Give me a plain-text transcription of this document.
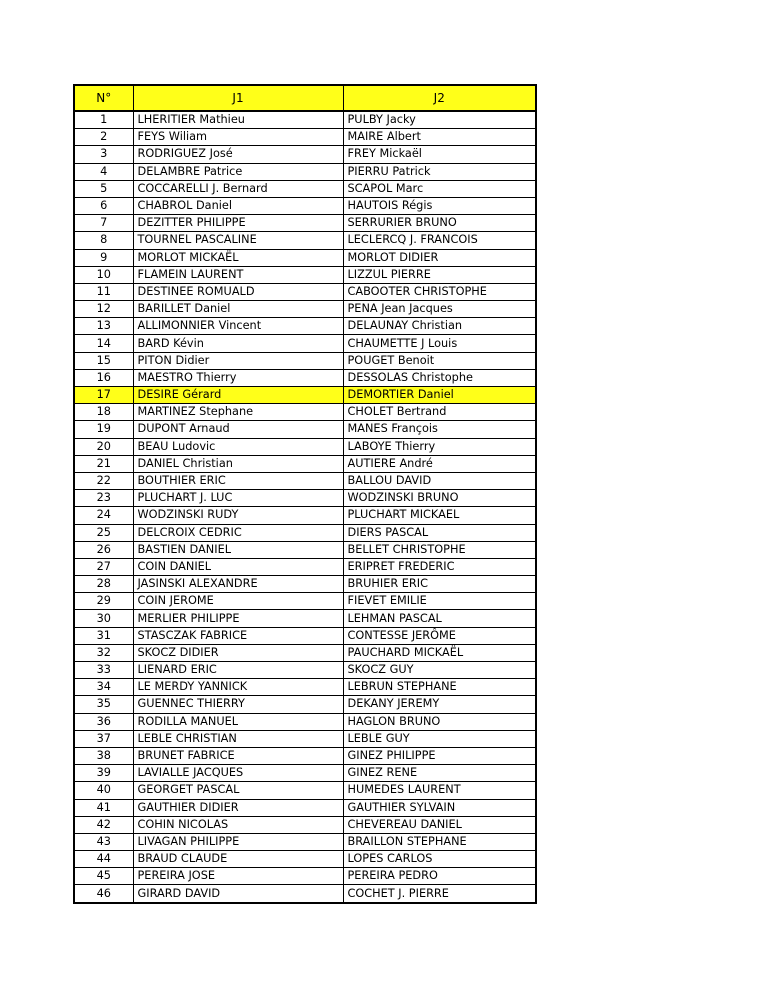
N°	J1	J2
1	LHERITIER Mathieu	PULBY Jacky
2	FEYS Wiliam	MAIRE Albert
3	RODRIGUEZ José	FREY Mickaël
4	DELAMBRE Patrice	PIERRU Patrick
5	COCCARELLI J. Bernard	SCAPOL Marc
6	CHABROL Daniel	HAUTOIS Régis
7	DEZITTER PHILIPPE	SERRURIER BRUNO
8	TOURNEL PASCALINE	LECLERCQ J. FRANCOIS
9	MORLOT MICKAËL	MORLOT DIDIER
10	FLAMEIN LAURENT	LIZZUL PIERRE
11	DESTINEE ROMUALD	CABOOTER CHRISTOPHE
12	BARILLET Daniel	PENA Jean Jacques
13	ALLIMONNIER Vincent	DELAUNAY Christian
14	BARD Kévin	CHAUMETTE J Louis
15	PITON Didier	POUGET Benoit
16	MAESTRO Thierry	DESSOLAS Christophe
17	DESIRE Gérard	DEMORTIER Daniel
18	MARTINEZ Stephane	CHOLET Bertrand
19	DUPONT Arnaud	MANES François
20	BEAU Ludovic	LABOYE Thierry
21	DANIEL Christian	AUTIERE André
22	BOUTHIER ERIC	BALLOU DAVID
23	PLUCHART J. LUC	WODZINSKI BRUNO
24	WODZINSKI RUDY	PLUCHART MICKAEL
25	DELCROIX CEDRIC	DIERS PASCAL
26	BASTIEN DANIEL	BELLET CHRISTOPHE
27	COIN DANIEL	ERIPRET FREDERIC
28	JASINSKI ALEXANDRE	BRUHIER ERIC
29	COIN JEROME	FIEVET EMILIE
30	MERLIER PHILIPPE	LEHMAN PASCAL
31	STASCZAK FABRICE	CONTESSE JERÔME
32	SKOCZ DIDIER	PAUCHARD MICKAËL
33	LIENARD ERIC	SKOCZ GUY
34	LE MERDY YANNICK	LEBRUN STEPHANE
35	GUENNEC THIERRY	DEKANY JEREMY
36	RODILLA MANUEL	HAGLON BRUNO
37	LEBLE CHRISTIAN	LEBLE GUY
38	BRUNET FABRICE	GINEZ PHILIPPE
39	LAVIALLE JACQUES	GINEZ RENE
40	GEORGET PASCAL	HUMEDES LAURENT
41	GAUTHIER DIDIER	GAUTHIER SYLVAIN
42	COHIN NICOLAS	CHEVEREAU DANIEL
43	LIVAGAN PHILIPPE	BRAILLON STEPHANE
44	BRAUD CLAUDE	LOPES CARLOS
45	PEREIRA JOSE	PEREIRA PEDRO
46	GIRARD DAVID	COCHET J. PIERRE
